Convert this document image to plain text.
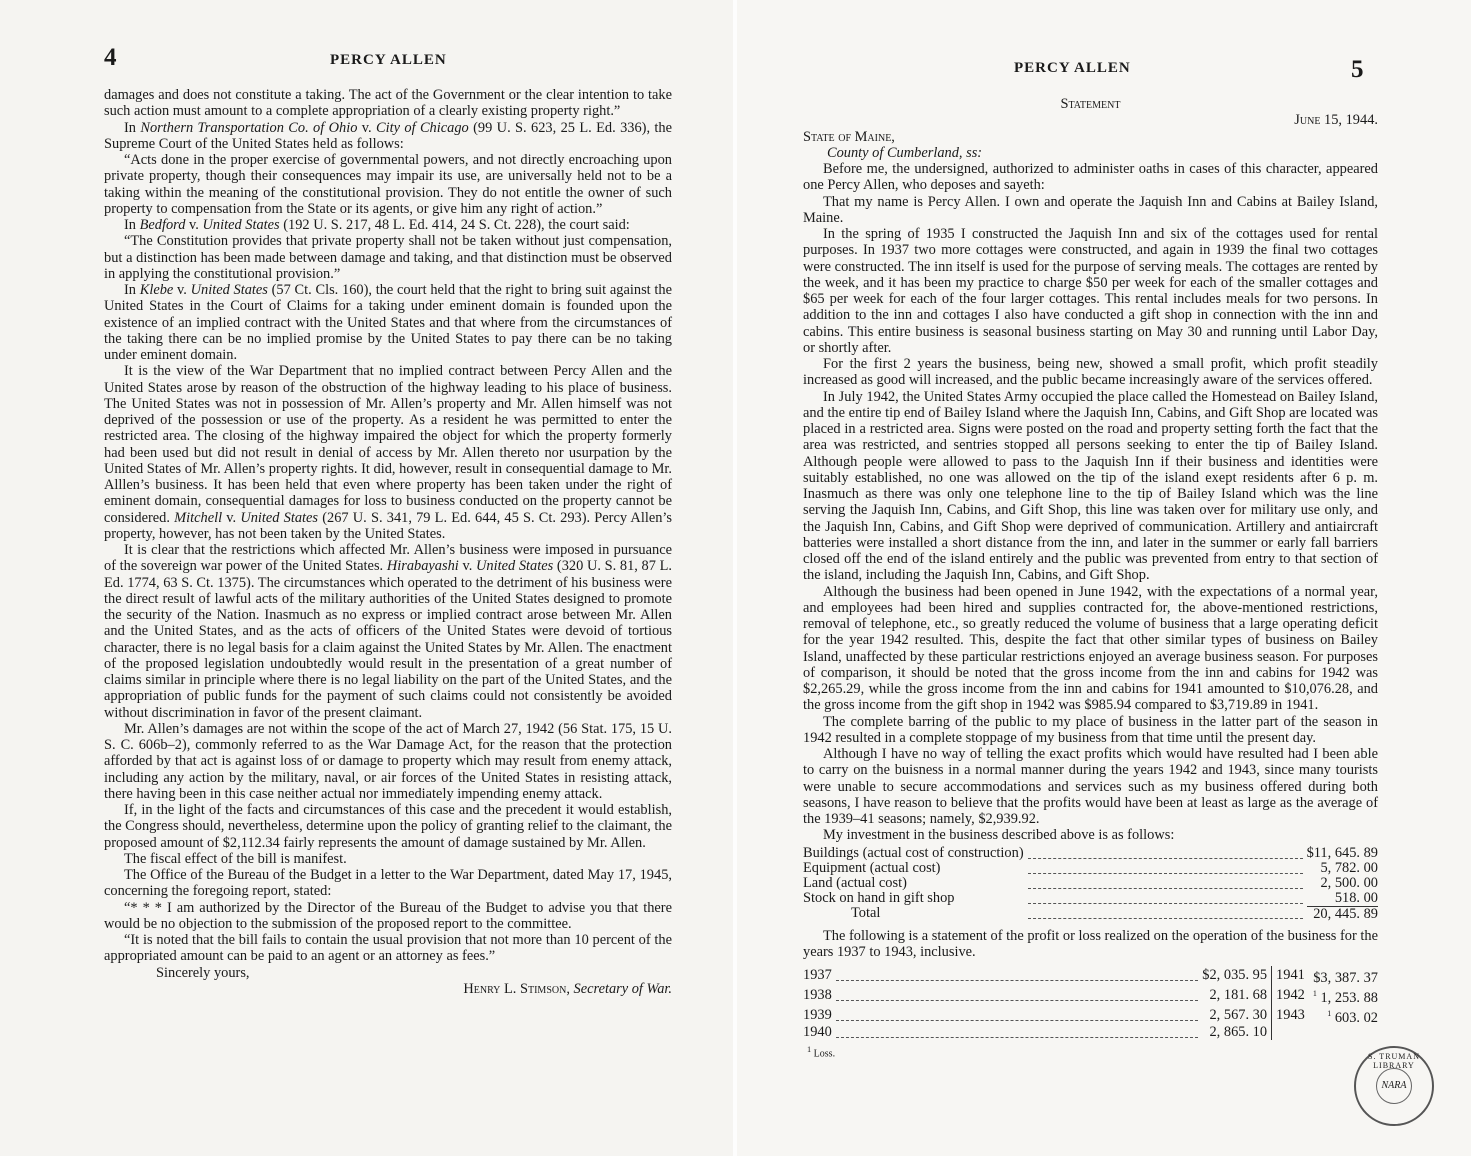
4	PERCY ALLEN

damages and does not constitute a taking. The act of the Government or the clear intention to take such action must amount to a complete appropriation of a clearly existing property right.”

In Northern Transportation Co. of Ohio v. City of Chicago (99 U. S. 623, 25 L. Ed. 336), the Supreme Court of the United States held as follows:

“Acts done in the proper exercise of governmental powers, and not directly encroaching upon private property, though their consequences may impair its use, are universally held not to be a taking within the meaning of the constitutional provision. They do not entitle the owner of such property to compensation from the State or its agents, or give him any right of action.”

In Bedford v. United States (192 U. S. 217, 48 L. Ed. 414, 24 S. Ct. 228), the court said:

“The Constitution provides that private property shall not be taken without just compensation, but a distinction has been made between damage and taking, and that distinction must be observed in applying the constitutional provision.”

In Klebe v. United States (57 Ct. Cls. 160), the court held that the right to bring suit against the United States in the Court of Claims for a taking under eminent domain is founded upon the existence of an implied contract with the United States and that where from the circumstances of the taking there can be no implied promise by the United States to pay there can be no taking under eminent domain.

It is the view of the War Department that no implied contract between Percy Allen and the United States arose by reason of the obstruction of the highway leading to his place of business. The United States was not in possession of Mr. Allen’s property and Mr. Allen himself was not deprived of the possession or use of the property. As a resident he was permitted to enter the restricted area. The closing of the highway impaired the object for which the property formerly had been used but did not result in denial of access by Mr. Allen thereto nor usurpation by the United States of Mr. Allen’s property rights. It did, however, result in consequential damage to Mr. Alllen’s business. It has been held that even where property has been taken under the right of eminent domain, consequential damages for loss to business conducted on the property cannot be considered. Mitchell v. United States (267 U. S. 341, 79 L. Ed. 644, 45 S. Ct. 293). Percy Allen’s property, however, has not been taken by the United States.

It is clear that the restrictions which affected Mr. Allen’s business were imposed in pursuance of the sovereign war power of the United States. Hirabayashi v. United States (320 U. S. 81, 87 L. Ed. 1774, 63 S. Ct. 1375). The circumstances which operated to the detriment of his business were the direct result of lawful acts of the military authorities of the United States designed to promote the security of the Nation. Inasmuch as no express or implied contract arose between Mr. Allen and the United States, and as the acts of officers of the United States were devoid of tortious character, there is no legal basis for a claim against the United States by Mr. Allen. The enactment of the proposed legislation undoubtedly would result in the presentation of a great number of claims similar in principle where there is no legal liability on the part of the United States, and the appropriation of public funds for the payment of such claims could not consistently be avoided without discrimination in favor of the present claimant.

Mr. Allen’s damages are not within the scope of the act of March 27, 1942 (56 Stat. 175, 15 U. S. C. 606b–2), commonly referred to as the War Damage Act, for the reason that the protection afforded by that act is against loss of or damage to property which may result from enemy attack, including any action by the military, naval, or air forces of the United States in resisting attack, there having been in this case neither actual nor immediately impending enemy attack.

If, in the light of the facts and circumstances of this case and the precedent it would establish, the Congress should, nevertheless, determine upon the policy of granting relief to the claimant, the proposed amount of $2,112.34 fairly represents the amount of damage sustained by Mr. Allen.

The fiscal effect of the bill is manifest.

The Office of the Bureau of the Budget in a letter to the War Department, dated May 17, 1945, concerning the foregoing report, stated:

“* * * I am authorized by the Director of the Bureau of the Budget to advise you that there would be no objection to the submission of the proposed report to the committee.

“It is noted that the bill fails to contain the usual provision that not more than 10 percent of the appropriated amount can be paid to an agent or an attorney as fees.”

Sincerely yours,

Henry L. Stimson, Secretary of War.

PERCY ALLEN	5

Statement

June 15, 1944.

State of Maine,

County of Cumberland, ss:

Before me, the undersigned, authorized to administer oaths in cases of this character, appeared one Percy Allen, who deposes and sayeth:

That my name is Percy Allen. I own and operate the Jaquish Inn and Cabins at Bailey Island, Maine.

In the spring of 1935 I constructed the Jaquish Inn and six of the cottages used for rental purposes. In 1937 two more cottages were constructed, and again in 1939 the final two cottages were constructed. The inn itself is used for the purpose of serving meals. The cottages are rented by the week, and it has been my practice to charge $50 per week for each of the smaller cottages and $65 per week for each of the four larger cottages. This rental includes meals for two persons. In addition to the inn and cottages I also have conducted a gift shop in connection with the inn and cabins. This entire business is seasonal business starting on May 30 and running until Labor Day, or shortly after.

For the first 2 years the business, being new, showed a small profit, which profit steadily increased as good will increased, and the public became increasingly aware of the services offered.

In July 1942, the United States Army occupied the place called the Homestead on Bailey Island, and the entire tip end of Bailey Island where the Jaquish Inn, Cabins, and Gift Shop are located was placed in a restricted area. Signs were posted on the road and property setting forth the fact that the area was restricted, and sentries stopped all persons seeking to enter the tip of Bailey Island. Although people were allowed to pass to the Jaquish Inn if their business and identities were suitably established, no one was allowed on the tip of the island exept residents after 6 p. m. Inasmuch as there was only one telephone line to the tip of Bailey Island which was the line serving the Jaquish Inn, Cabins, and Gift Shop, this line was taken over for military use only, and the Jaquish Inn, Cabins, and Gift Shop were deprived of communication. Artillery and antiaircraft batteries were installed a short distance from the inn, and later in the summer or early fall barriers closed off the end of the island entirely and the public was prevented from entry to that section of the island, including the Jaquish Inn, Cabins, and Gift Shop.

Although the business had been opened in June 1942, with the expectations of a normal year, and employees had been hired and supplies contracted for, the above-mentioned restrictions, removal of telephone, etc., so greatly reduced the volume of business that a large operating deficit for the year 1942 resulted. This, despite the fact that other similar types of business on Bailey Island, unaffected by these particular restrictions enjoyed an average business season. For purposes of comparison, it should be noted that the gross income from the inn and cabins for 1942 was $2,265.29, while the gross income from the inn and cabins for 1941 amounted to $10,076.28, and the gross income from the gift shop in 1942 was $985.94 compared to $3,719.89 in 1941.

The complete barring of the public to my place of business in the latter part of the season in 1942 resulted in a complete stoppage of my business from that time until the present day.

Although I have no way of telling the exact profits which would have resulted had I been able to carry on the buisness in a normal manner during the years 1942 and 1943, since many tourists were unable to secure accommodations and services such as my business offered during both seasons, I have reason to believe that the profits would have been at least as large as the average of the 1939–41 seasons; namely, $2,939.92.

My investment in the business described above is as follows:

Buildings (actual cost of construction)		$11, 645. 89
Equipment (actual cost)		5, 782. 00
Land (actual cost)		2, 500. 00
Stock on hand in gift shop		518. 00
Total		20, 445. 89

The following is a statement of the profit or loss realized on the operation of the business for the years 1937 to 1943, inclusive.

1937		$2, 035. 95	1941		$3, 387. 37
1938		2, 181. 68	1942		$^1$ 1, 253. 88
1939		2, 567. 30	1943		$^1$ 603. 02
1940		2, 865. 10			

$^1$ Loss.	S. TRUMAN LIBRARY
NARA
